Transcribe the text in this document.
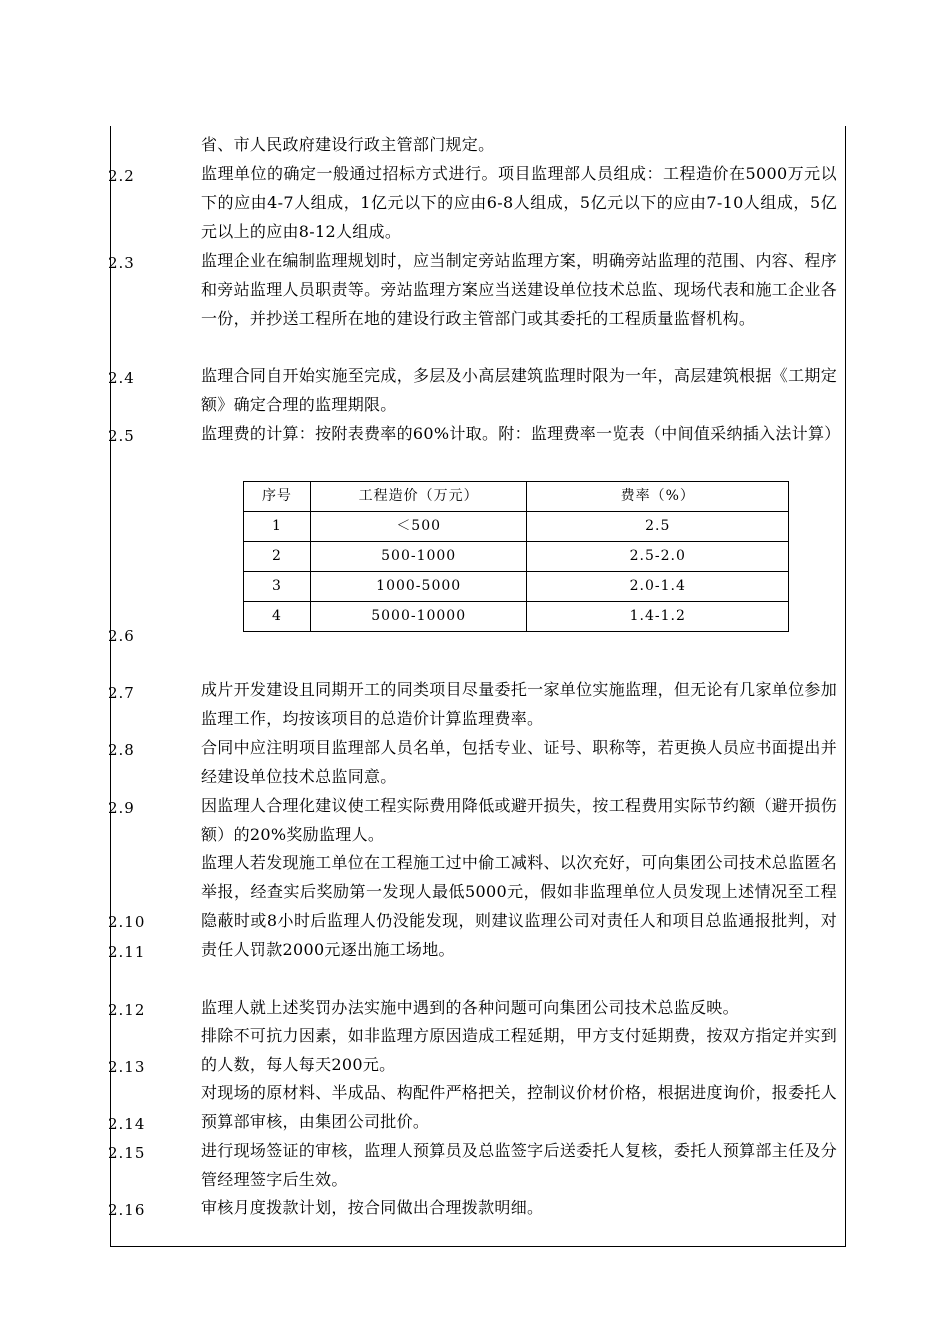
2.2
2.3
2.4
2.5
2.6
2.7
2.8
2.9
2.10
2.11
2.12
2.13
2.14
2.15
2.16
省、市人民政府建设行政主管部门规定。
监理单位的确定一般通过招标方式进行。项目监理部人员组成：工程造价在5000万元以下的应由4-7人组成，1亿元以下的应由6-8人组成，5亿元以下的应由7-10人组成，5亿元以上的应由8-12人组成。
监理企业在编制监理规划时，应当制定旁站监理方案，明确旁站监理的范围、内容、程序和旁站监理人员职责等。旁站监理方案应当送建设单位技术总监、现场代表和施工企业各一份，并抄送工程所在地的建设行政主管部门或其委托的工程质量监督机构。
监理合同自开始实施至完成，多层及小高层建筑监理时限为一年，高层建筑根据《工期定额》确定合理的监理期限。
监理费的计算：按附表费率的60%计取。附：监理费率一览表（中间值采纳插入法计算）
成片开发建设且同期开工的同类项目尽量委托一家单位实施监理，但无论有几家单位参加监理工作，均按该项目的总造价计算监理费率。
合同中应注明项目监理部人员名单，包括专业、证号、职称等，若更换人员应书面提出并经建设单位技术总监同意。
因监理人合理化建议使工程实际费用降低或避开损失，按工程费用实际节约额（避开损伤额）的20%奖励监理人。
监理人若发现施工单位在工程施工过中偷工减料、以次充好，可向集团公司技术总监匿名举报，经查实后奖励第一发现人最低5000元，假如非监理单位人员发现上述情况至工程隐蔽时或8小时后监理人仍没能发现，则建议监理公司对责任人和项目总监通报批判，对责任人罚款2000元逐出施工场地。
监理人就上述奖罚办法实施中遇到的各种问题可向集团公司技术总监反映。
排除不可抗力因素，如非监理方原因造成工程延期，甲方支付延期费，按双方指定并实到的人数，每人每天200元。
对现场的原材料、半成品、构配件严格把关，控制议价材价格，根据进度询价，报委托人预算部审核，由集团公司批价。
进行现场签证的审核，监理人预算员及总监签字后送委托人复核，委托人预算部主任及分管经理签字后生效。
审核月度拨款计划，按合同做出合理拨款明细。
序号	工程造价（万元）	费率（%）
1	＜500	2.5
2	500-1000	2.5-2.0
3	1000-5000	2.0-1.4
4	5000-10000	1.4-1.2
